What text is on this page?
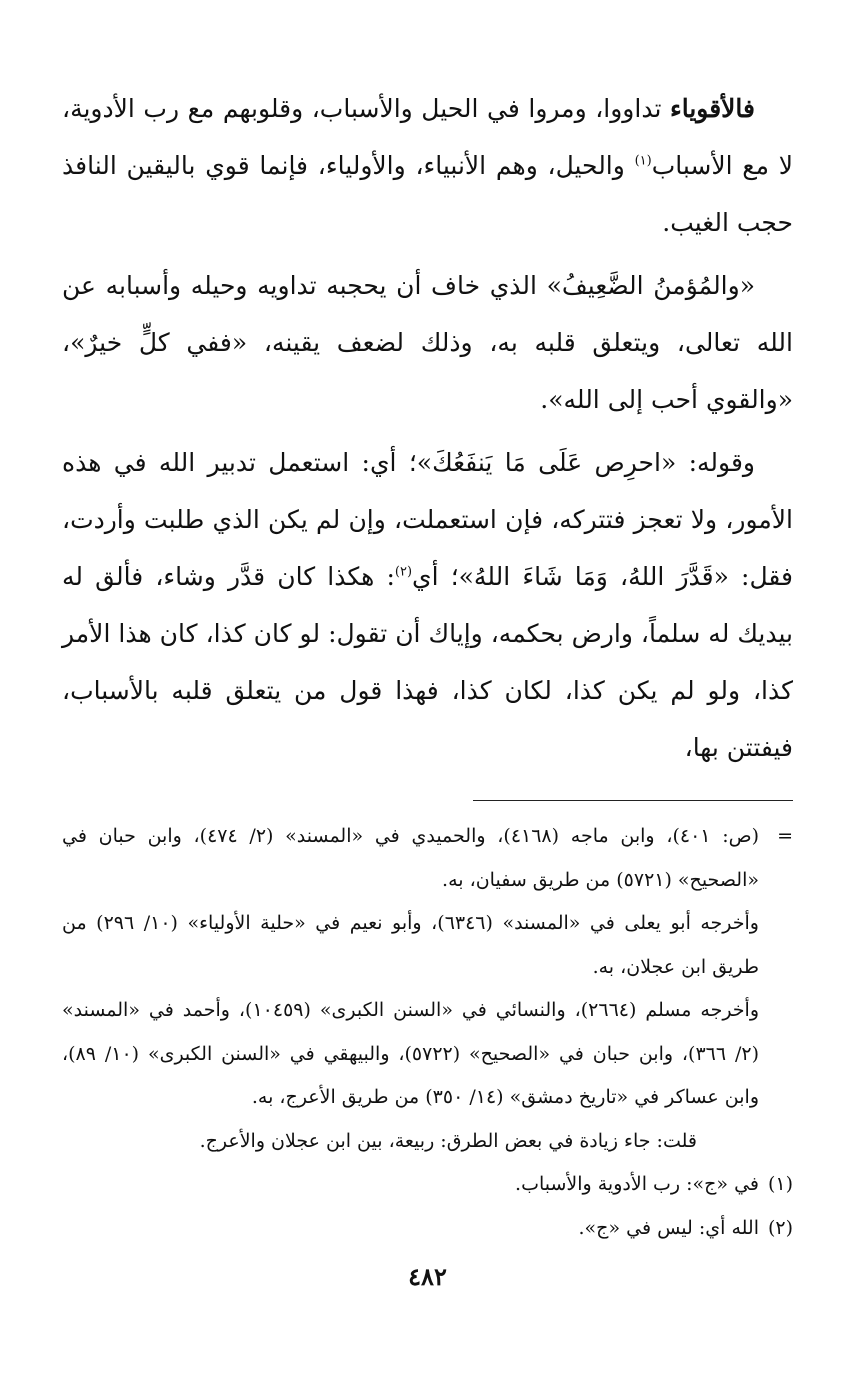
فالأقوياء تداووا، ومروا في الحيل والأسباب، وقلوبهم مع رب الأدوية، لا مع الأسباب$^{(١)}$ والحيل، وهم الأنبياء، والأولياء، فإنما قوي باليقين النافذ حجب الغيب.

«والمُؤمنُ الضَّعِيفُ» الذي خاف أن يحجبه تداويه وحيله وأسبابه عن الله تعالى، ويتعلق قلبه به، وذلك لضعف يقينه، «ففي كلٍّ خيرٌ»، «والقوي أحب إلى الله».

وقوله: «احرِص عَلَى مَا يَنفَعُكَ»؛ أي: استعمل تدبير الله في هذه الأمور، ولا تعجز فتتركه، فإن استعملت، وإن لم يكن الذي طلبت وأردت، فقل: «قَدَّرَ اللهُ، وَمَا شَاءَ اللهُ»؛ أي$^{(٢)}$: هكذا كان قدَّر وشاء، فألق له بيديك له سلماً، وارض بحكمه، وإياك أن تقول: لو كان كذا، كان هذا الأمر كذا، ولو لم يكن كذا، لكان كذا، فهذا قول من يتعلق قلبه بالأسباب، فيفتتن بها،

=
(ص: ٤٠١)، وابن ماجه (٤١٦٨)، والحميدي في «المسند» (٢/ ٤٧٤)، وابن حبان في «الصحيح» (٥٧٢١) من طريق سفيان، به.

وأخرجه أبو يعلى في «المسند» (٦٣٤٦)، وأبو نعيم في «حلية الأولياء» (١٠/ ٢٩٦) من طريق ابن عجلان، به.

وأخرجه مسلم (٢٦٦٤)، والنسائي في «السنن الكبرى» (١٠٤٥٩)، وأحمد في «المسند» (٢/ ٣٦٦)، وابن حبان في «الصحيح» (٥٧٢٢)، والبيهقي في «السنن الكبرى» (١٠/ ٨٩)، وابن عساكر في «تاريخ دمشق» (١٤/ ٣٥٠) من طريق الأعرج، به.

قلت: جاء زيادة في بعض الطرق: ربيعة، بين ابن عجلان والأعرج.

(١)
في «ج»: رب الأدوية والأسباب.

(٢)
الله أي: ليس في «ج».

٤٨٢
